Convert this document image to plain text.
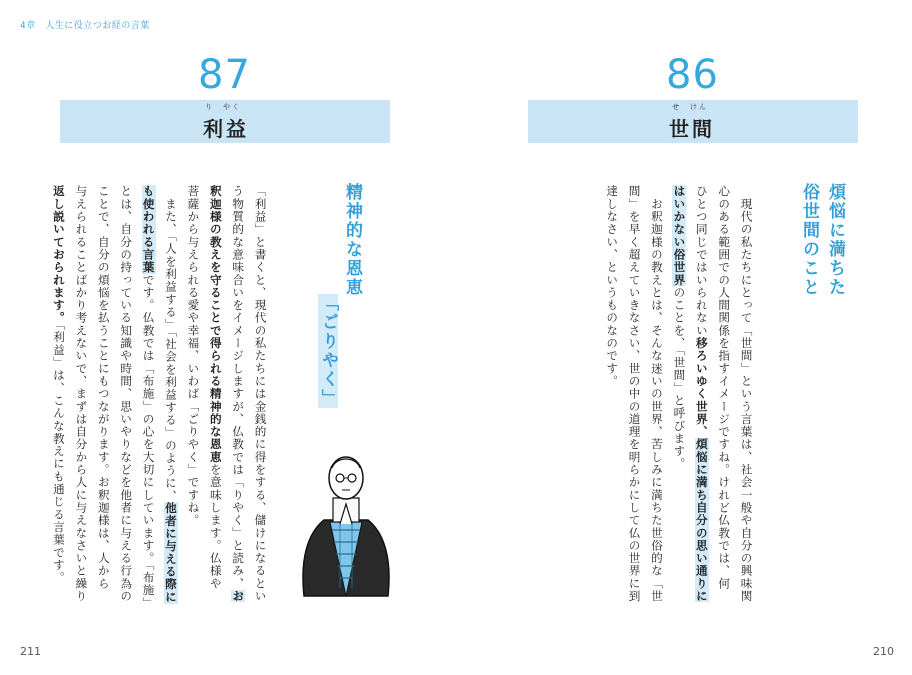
4章　人生に役立つお経の言葉
87
り　やく
利益
精神的な恩恵
「ごりやく」
「利益」と書くと、現代の私たちには金銭的に得をする、儲けになるとい
う物質的な意味合いをイメージしますが、仏教では「りやく」と読み、お
釈迦様の教えを守ることで得られる精神的な恩恵を意味します。仏様や
菩薩から与えられる愛や幸福、いわば「ごりやく」ですね。
　また、「人を利益する」「社会を利益する」のように、他者に与える際に
も使われる言葉です。仏教では「布施」の心を大切にしています。「布施」
とは、自分の持っている知識や時間、思いやりなどを他者に与える行為の
ことで、自分の煩悩を払うことにもつながります。お釈迦様は、人から
与えられることばかり考えないで、まずは自分から人に与えなさいと繰り
返し説いておられます。「利益」は、こんな教えにも通じる言葉です。
211
86
せ　けん
世間
煩悩に満ちた
俗世間のこと
　現代の私たちにとって「世間」という言葉は、社会一般や自分の興味関
心のある範囲での人間関係を指すイメージですね。けれど仏教では、何
ひとつ同じではいられない移ろいゆく世界、煩悩に満ち自分の思い通りに
はいかない俗世界のことを、「世間」と呼びます。
　お釈迦様の教えとは、そんな迷いの世界、苦しみに満ちた世俗的な「世
間」を早く超えていきなさい、世の中の道理を明らかにして仏の世界に到
達しなさい、というものなのです。
210
